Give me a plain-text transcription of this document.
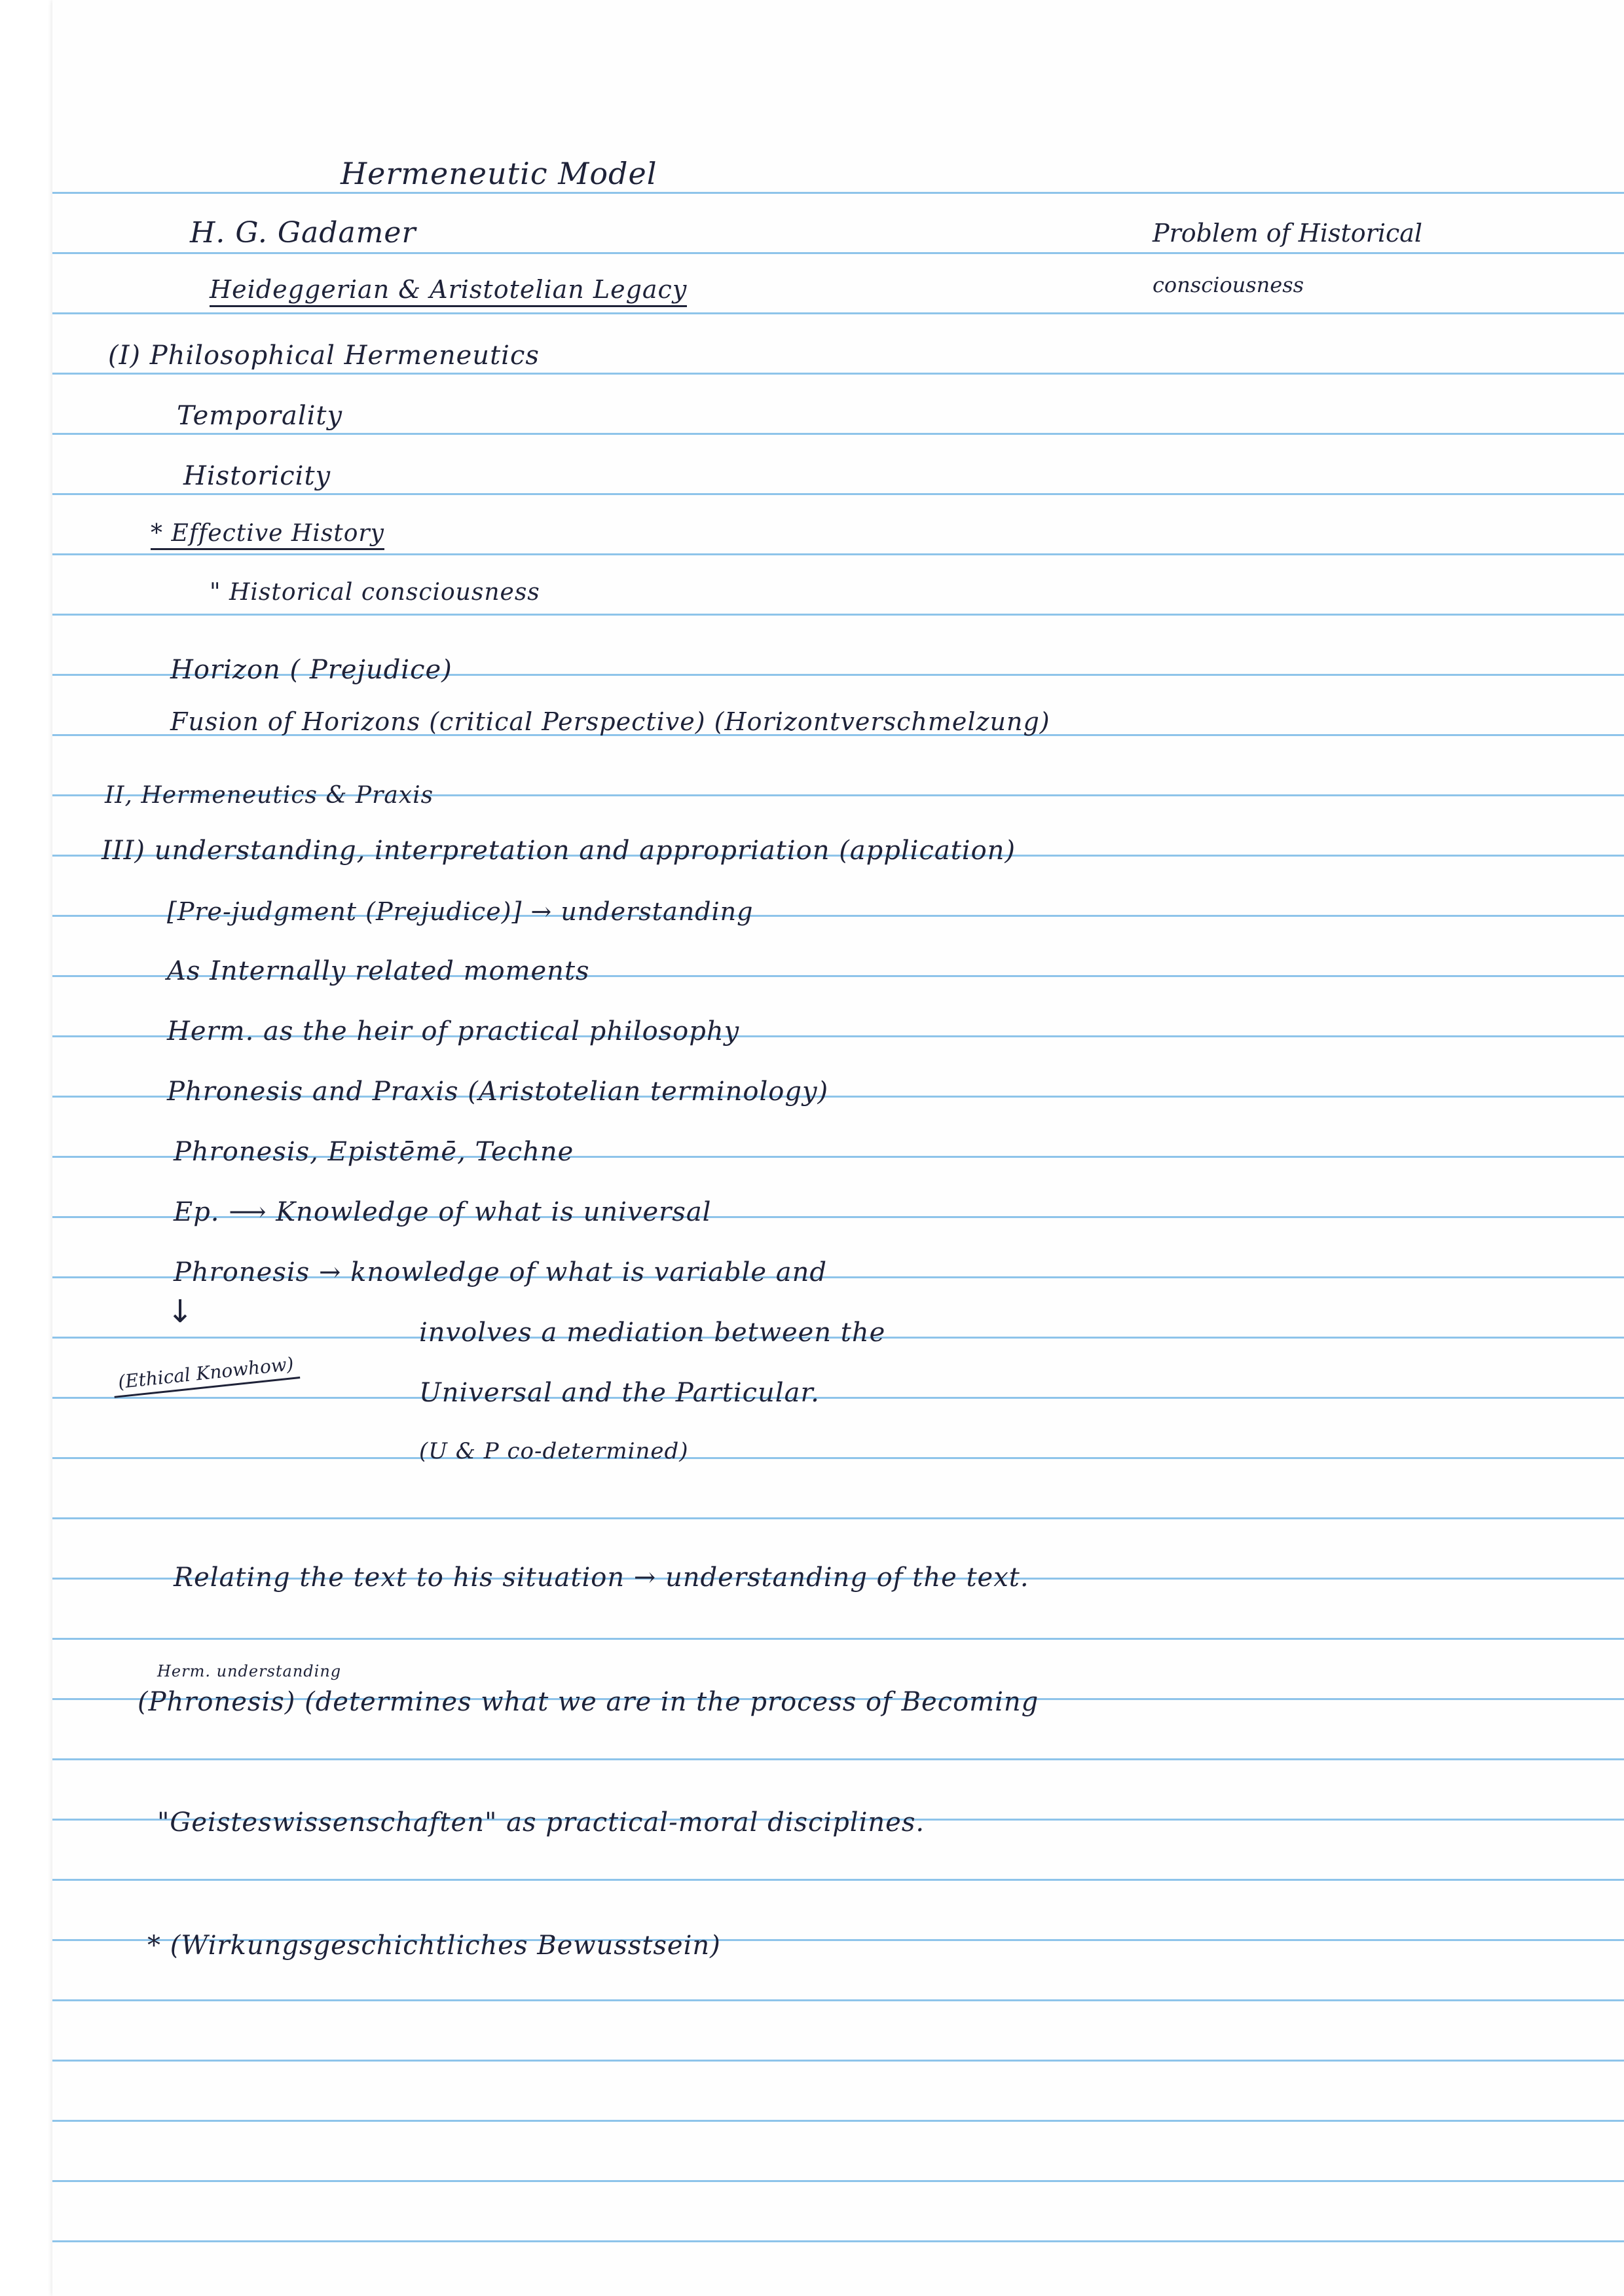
Hermeneutic Model
H. G. Gadamer
Heideggerian & Aristotelian Legacy
Problem of Historical
consciousness
(I) Philosophical Hermeneutics
Temporality
Historicity
* Effective History
" Historical consciousness
Horizon ( Prejudice)
Fusion of Horizons (critical Perspective) (Horizontverschmelzung)
II, Hermeneutics & Praxis
III) understanding, interpretation and appropriation (application)
[Pre-judgment (Prejudice)] → understanding
As Internally related moments
Herm. as the heir of practical philosophy
Phronesis and Praxis (Aristotelian terminology)
Phronesis, Epistēmē, Techne
Ep. ⟶ Knowledge of what is universal
Phronesis → knowledge of what is variable and
↓
(Ethical Knowhow)
involves a mediation between the
Universal and the Particular.
(U & P co-determined)
Relating the text to his situation → understanding of the text.
Herm. understanding
(Phronesis) (determines what we are in the process of Becoming
"Geisteswissenschaften" as practical-moral disciplines.
* (Wirkungsgeschichtliches Bewusstsein)
